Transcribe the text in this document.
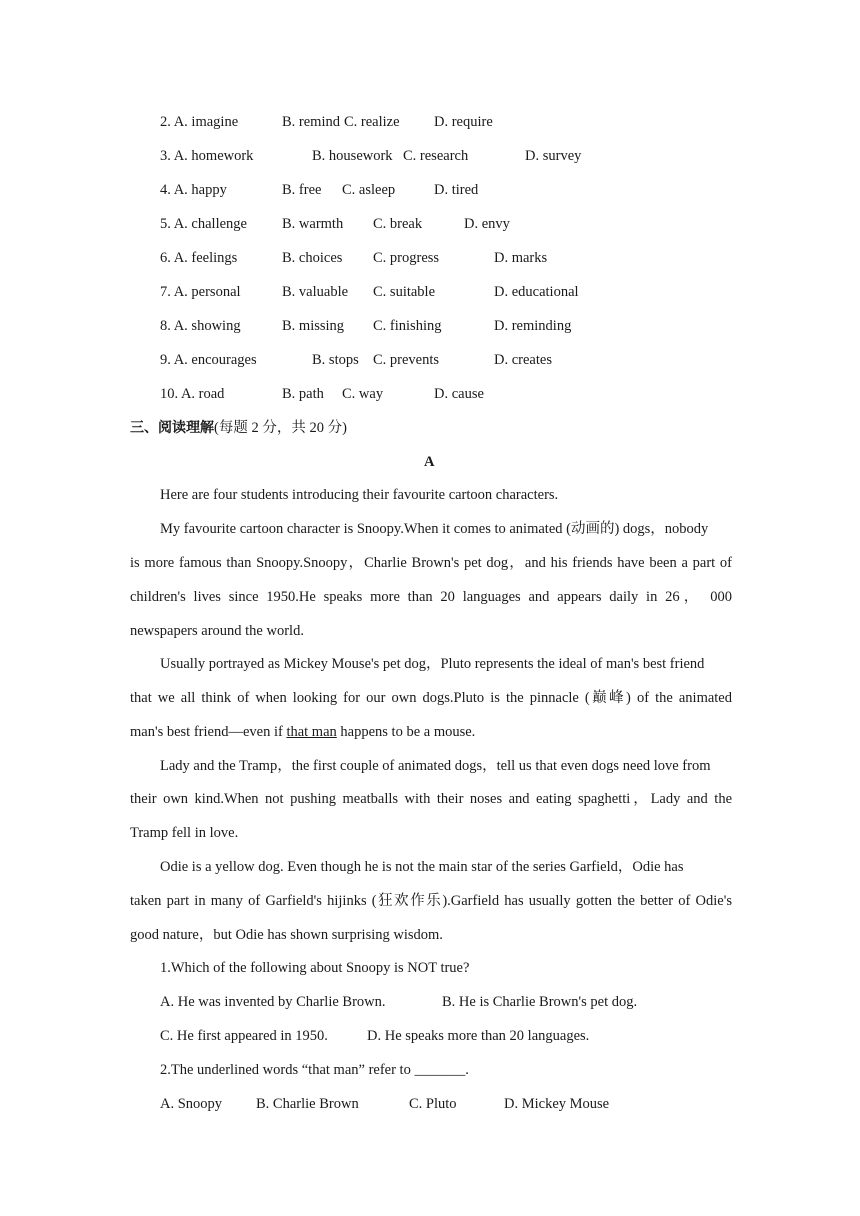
2. A. imagine	B. remind C. realize D. require
3. A. homework	B. housework C. research	D. survey
4. A. happy	B. free C. asleep	D. tired
5. A. challenge B. warmth C. break	D. envy
6. A. feelings	B. choices C. progress	D. marks
7. A. personal	B. valuable C. suitable	D. educational
8. A. showing	B. missing C. finishing	D. reminding
9. A. encourages	B. stops C. prevents	D. creates
10. A. road	B. path C. way	D. cause
三、阅读理解(每题 2 分，共 20 分)
A
Here are four students introducing their favourite cartoon characters.
My favourite cartoon character is Snoopy.When it comes to animated (动画的) dogs，nobody
is more famous than Snoopy.Snoopy，Charlie Brown's pet dog，and his friends have been a part of
children's lives since 1950.He speaks more than 20 languages and appears daily in 26， 000
newspapers around the world.
Usually portrayed as Mickey Mouse's pet dog，Pluto represents the ideal of man's best friend
that we all think of when looking for our own dogs.Pluto is the pinnacle (巅峰) of the animated
man's best friend—even if that man happens to be a mouse.
Lady and the Tramp，the first couple of animated dogs，tell us that even dogs need love from
their own kind.When not pushing meatballs with their noses and eating spaghetti，Lady and the
Tramp fell in love.
Odie is a yellow dog. Even though he is not the main star of the series Garfield，Odie has
taken part in many of Garfield's hijinks (狂欢作乐).Garfield has usually gotten the better of Odie's
good nature，but Odie has shown surprising wisdom.
1.Which of the following about Snoopy is NOT true?
A. He was invented by Charlie Brown.	B. He is Charlie Brown's pet dog.
C. He first appeared in 1950.	D. He speaks more than 20 languages.
2.The underlined words “that man” refer to _______.
A. Snoopy B. Charlie Brown	C. Pluto	D. Mickey Mouse
